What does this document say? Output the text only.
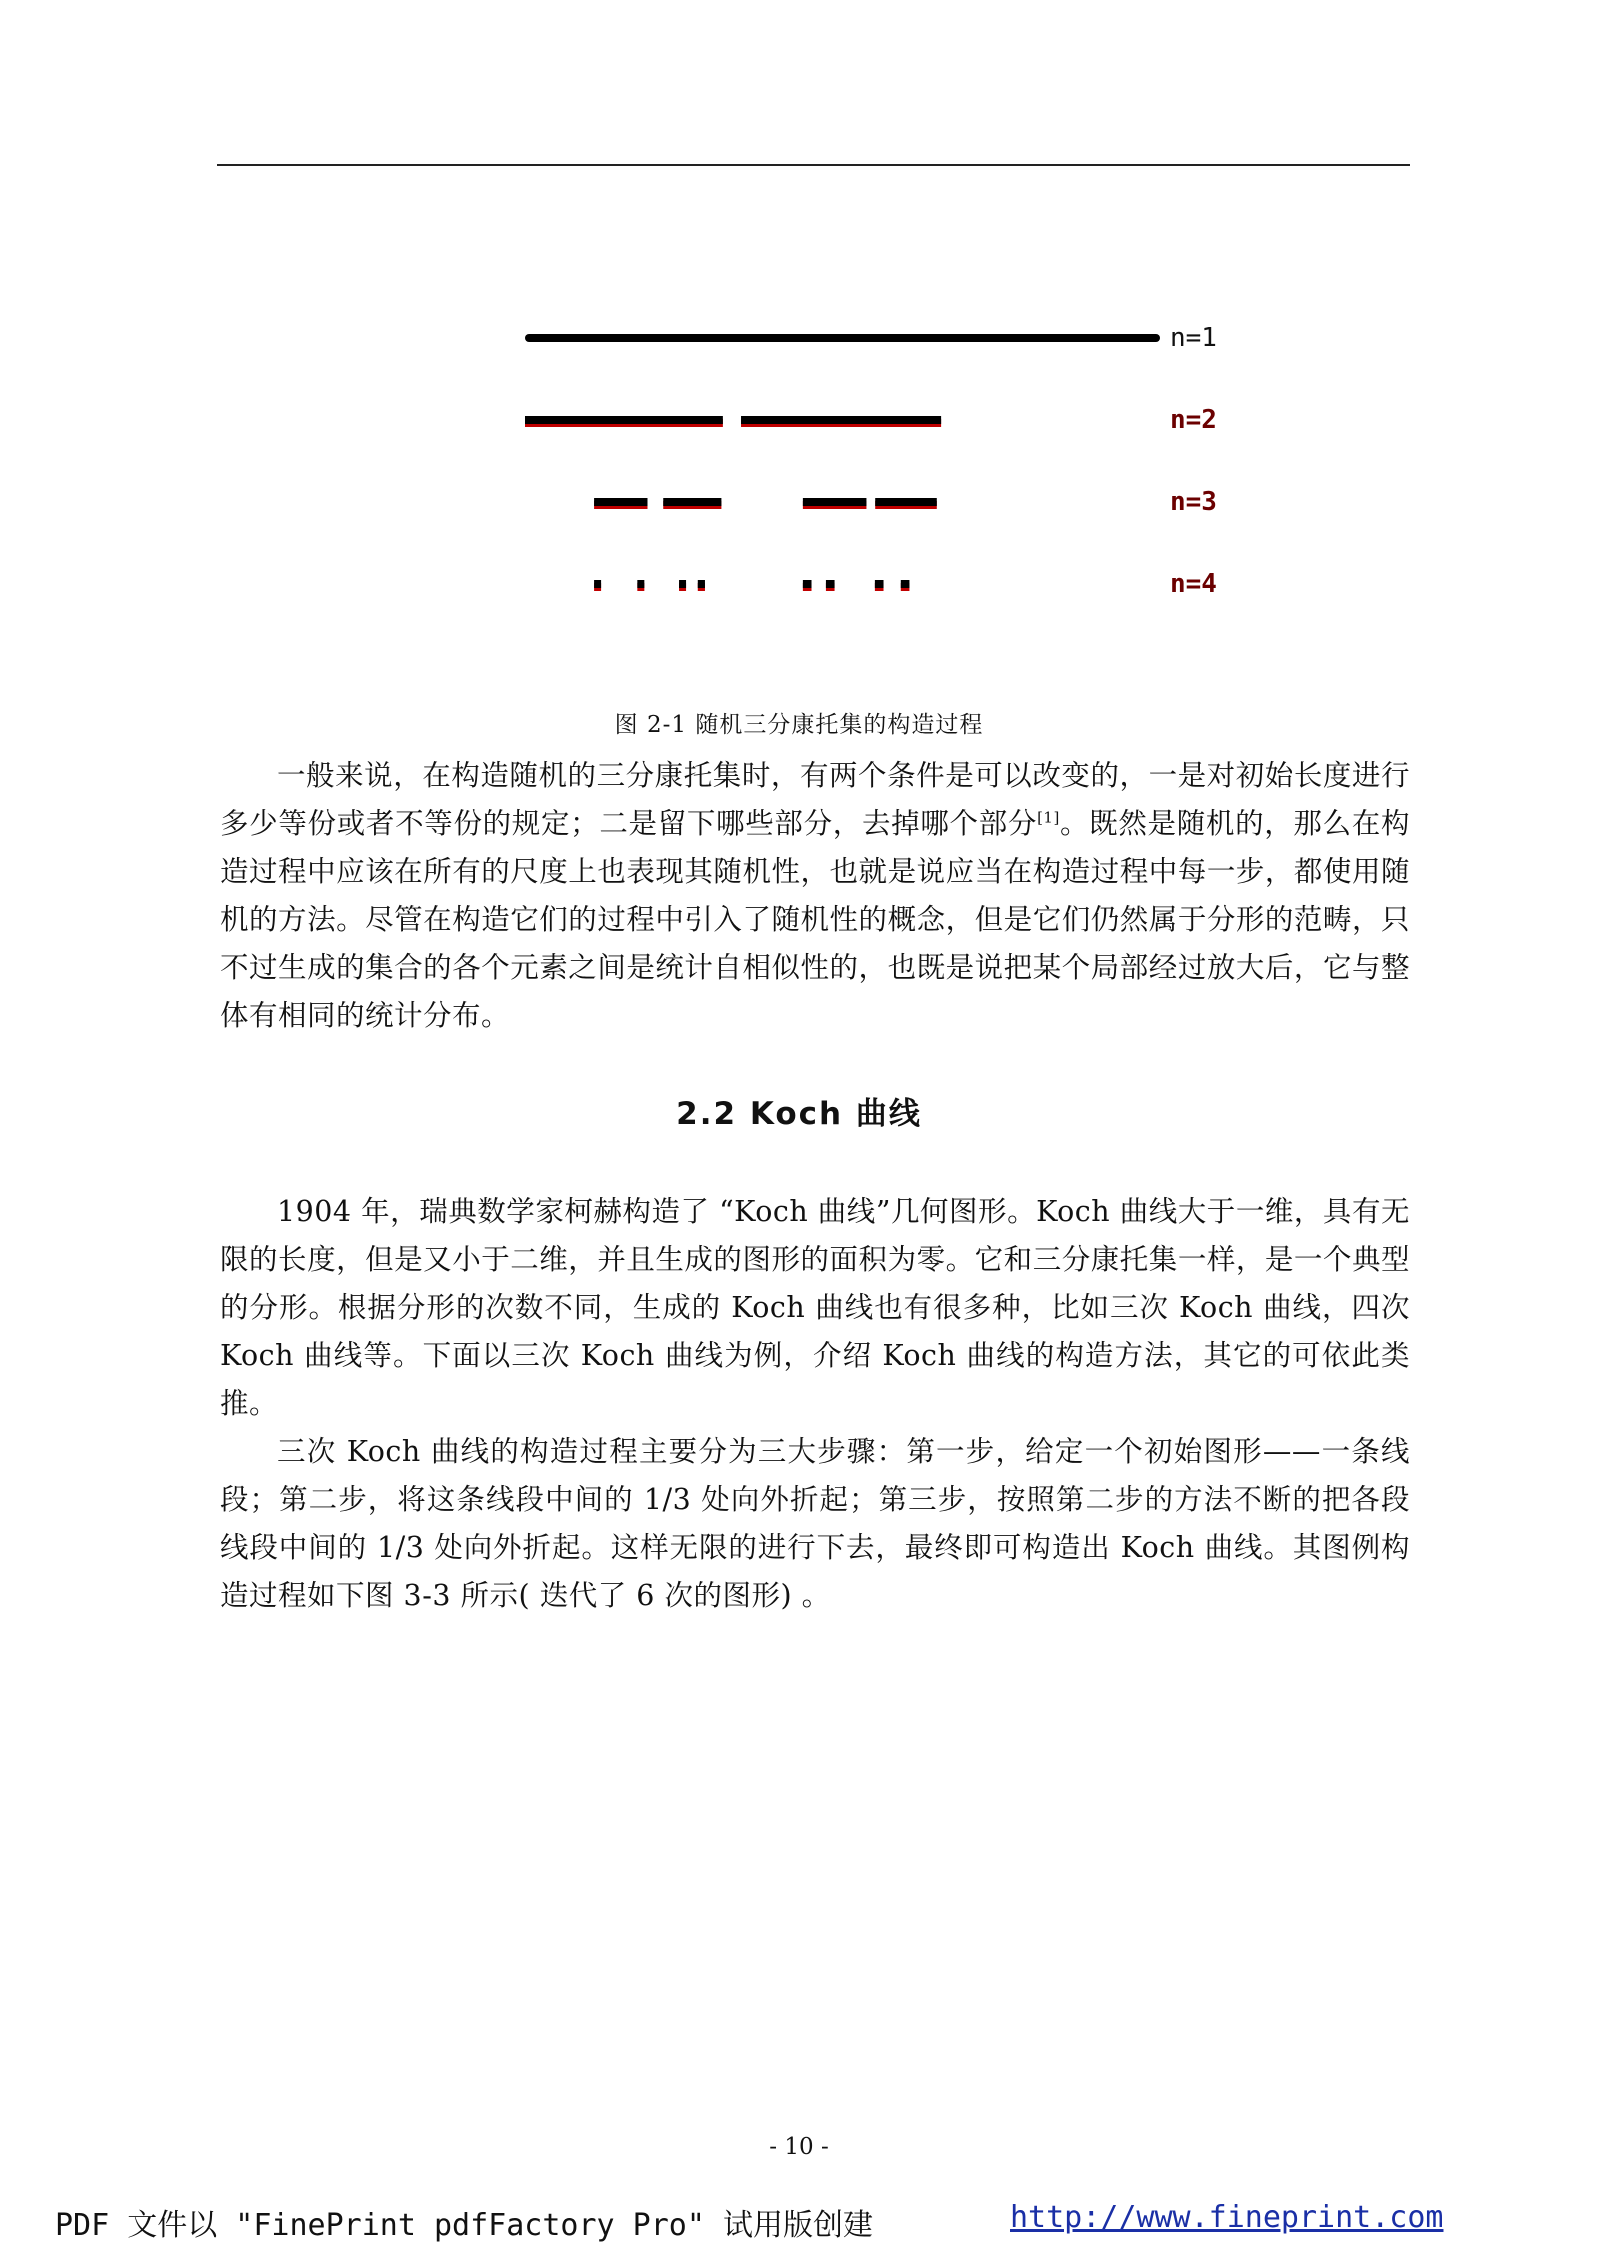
n=1
n=2
n=3
n=4
图 2-1 随机三分康托集的构造过程

一般来说，在构造随机的三分康托集时，有两个条件是可以改变的，一是对初始长度进行多少等份或者不等份的规定；二是留下哪些部分，去掉哪个部分[1]。既然是随机的，那么在构造过程中应该在所有的尺度上也表现其随机性，也就是说应当在构造过程中每一步，都使用随机的方法。尽管在构造它们的过程中引入了随机性的概念，但是它们仍然属于分形的范畴，只不过生成的集合的各个元素之间是统计自相似性的，也既是说把某个局部经过放大后，它与整体有相同的统计分布。

2.2 Koch 曲线

1904 年，瑞典数学家柯赫构造了 “Koch 曲线”几何图形。Koch 曲线大于一维，具有无限的长度，但是又小于二维，并且生成的图形的面积为零。它和三分康托集一样，是一个典型的分形。根据分形的次数不同，生成的 Koch 曲线也有很多种，比如三次 Koch 曲线，四次 Koch 曲线等。下面以三次 Koch 曲线为例，介绍 Koch 曲线的构造方法，其它的可依此类推。

三次 Koch 曲线的构造过程主要分为三大步骤：第一步，给定一个初始图形——一条线段；第二步，将这条线段中间的 1/3 处向外折起；第三步，按照第二步的方法不断的把各段线段中间的 1/3 处向外折起。这样无限的进行下去，最终即可构造出 Koch 曲线。其图例构造过程如下图 3-3 所示( 迭代了 6 次的图形) 。

- 10 -
PDF 文件以 "FinePrint pdfFactory Pro" 试用版创建	http://www.fineprint.com
